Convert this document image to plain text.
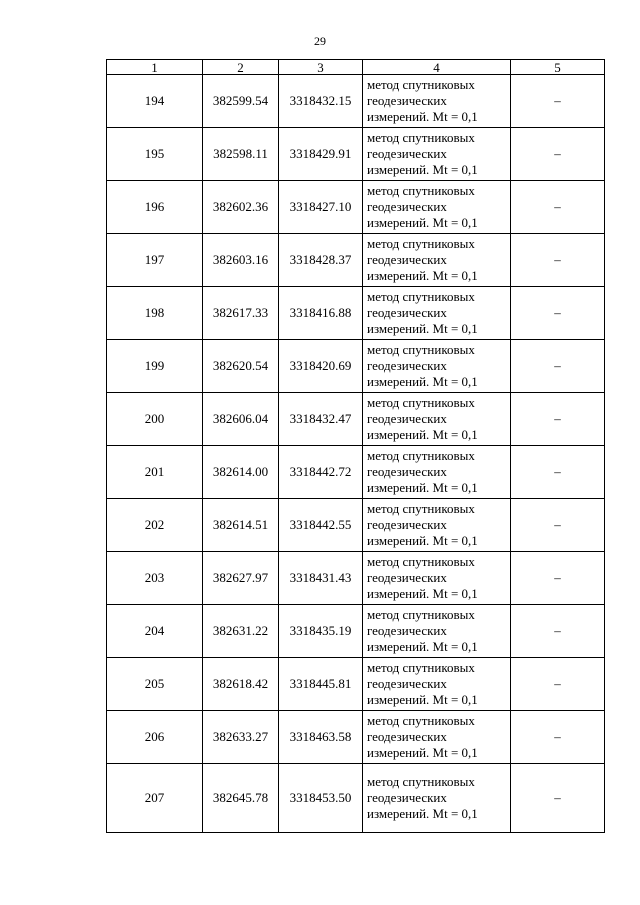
29
1	2	3	4	5
194	382599.54	3318432.15	метод спутниковых
геодезических
измерений. Mt = 0,1	–
195	382598.11	3318429.91	метод спутниковых
геодезических
измерений. Mt = 0,1	–
196	382602.36	3318427.10	метод спутниковых
геодезических
измерений. Mt = 0,1	–
197	382603.16	3318428.37	метод спутниковых
геодезических
измерений. Mt = 0,1	–
198	382617.33	3318416.88	метод спутниковых
геодезических
измерений. Mt = 0,1	–
199	382620.54	3318420.69	метод спутниковых
геодезических
измерений. Mt = 0,1	–
200	382606.04	3318432.47	метод спутниковых
геодезических
измерений. Mt = 0,1	–
201	382614.00	3318442.72	метод спутниковых
геодезических
измерений. Mt = 0,1	–
202	382614.51	3318442.55	метод спутниковых
геодезических
измерений. Mt = 0,1	–
203	382627.97	3318431.43	метод спутниковых
геодезических
измерений. Mt = 0,1	–
204	382631.22	3318435.19	метод спутниковых
геодезических
измерений. Mt = 0,1	–
205	382618.42	3318445.81	метод спутниковых
геодезических
измерений. Mt = 0,1	–
206	382633.27	3318463.58	метод спутниковых
геодезических
измерений. Mt = 0,1	–
207	382645.78	3318453.50	метод спутниковых
геодезических
измерений. Mt = 0,1	–
